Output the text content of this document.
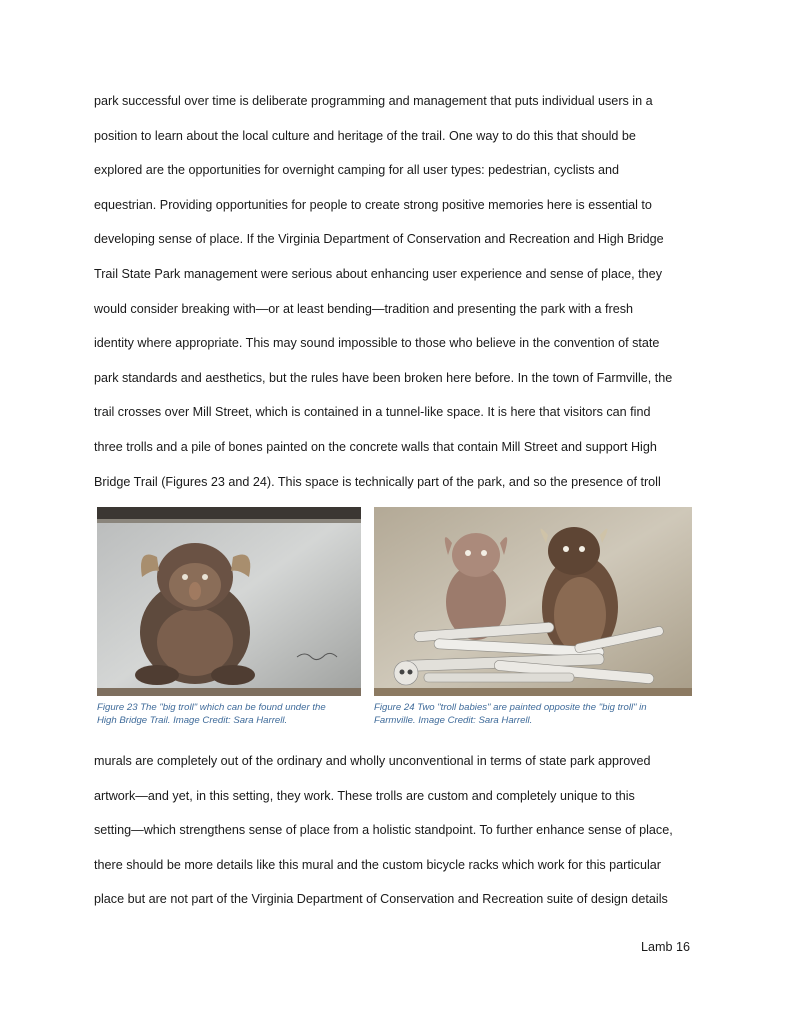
park successful over time is deliberate programming and management that puts individual users in a
position to learn about the local culture and heritage of the trail. One way to do this that should be
explored are the opportunities for overnight camping for all user types: pedestrian, cyclists and
equestrian. Providing opportunities for people to create strong positive memories here is essential to
developing sense of place. If the Virginia Department of Conservation and Recreation and High Bridge
Trail State Park management were serious about enhancing user experience and sense of place, they
would consider breaking with—or at least bending—tradition and presenting the park with a fresh
identity where appropriate. This may sound impossible to those who believe in the convention of state
park standards and aesthetics, but the rules have been broken here before. In the town of Farmville, the
trail crosses over Mill Street, which is contained in a tunnel-like space. It is here that visitors can find
three trolls and a pile of bones painted on the concrete walls that contain Mill Street and support High
Bridge Trail (Figures 23 and 24). This space is technically part of the park, and so the presence of troll
Figure 23 The "big troll" which can be found under the
High Bridge Trail. Image Credit: Sara Harrell.
Figure 24 Two "troll babies" are painted opposite the "big troll" in
Farmville. Image Credit: Sara Harrell.
murals are completely out of the ordinary and wholly unconventional in terms of state park approved
artwork—and yet, in this setting, they work. These trolls are custom and completely unique to this
setting—which strengthens sense of place from a holistic standpoint. To further enhance sense of place,
there should be more details like this mural and the custom bicycle racks which work for this particular
place but are not part of the Virginia Department of Conservation and Recreation suite of design details
Lamb 16
